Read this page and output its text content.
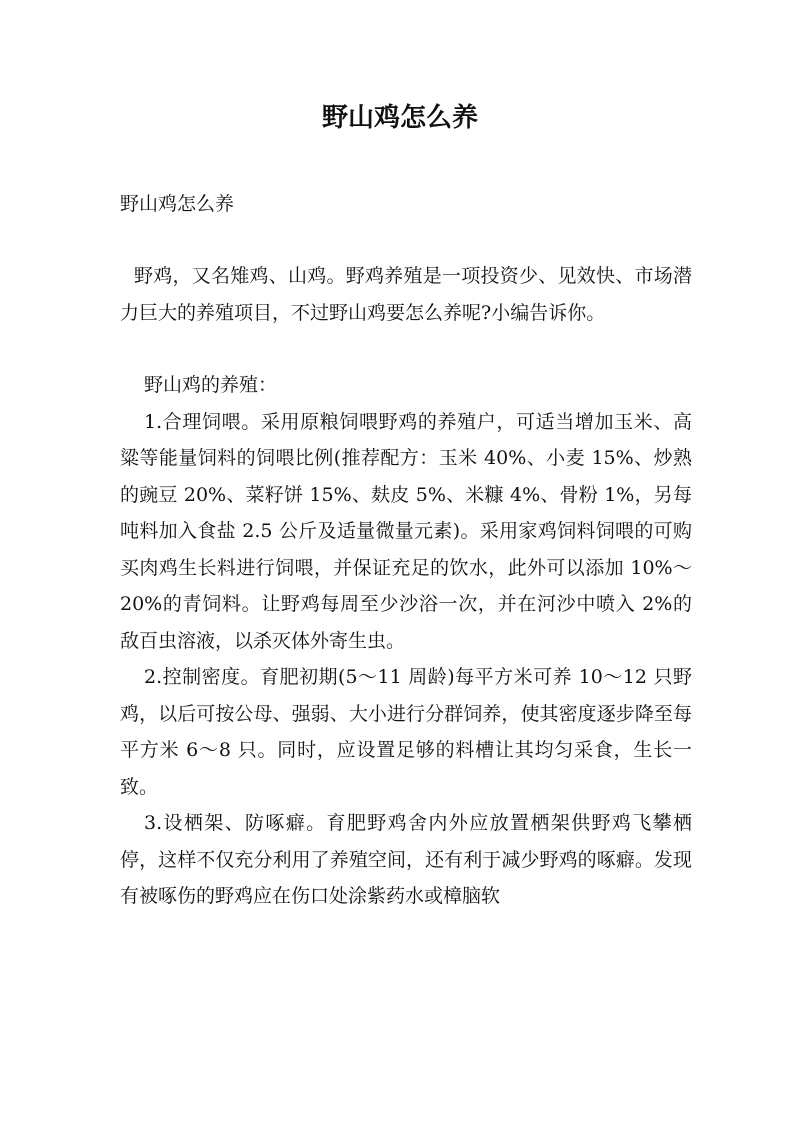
野山鸡怎么养

野山鸡怎么养

野鸡，又名雉鸡、山鸡。野鸡养殖是一项投资少、见效快、市场潜力巨大的养殖项目，不过野山鸡要怎么养呢?小编告诉你。

野山鸡的养殖：

1.合理饲喂。采用原粮饲喂野鸡的养殖户，可适当增加玉米、高粱等能量饲料的饲喂比例(推荐配方：玉米 40%、小麦 15%、炒熟的豌豆 20%、菜籽饼 15%、麸皮 5%、米糠 4%、骨粉 1%，另每吨料加入食盐 2.5 公斤及适量微量元素)。采用家鸡饲料饲喂的可购买肉鸡生长料进行饲喂，并保证充足的饮水，此外可以添加 10%～20%的青饲料。让野鸡每周至少沙浴一次，并在河沙中喷入 2%的敌百虫溶液，以杀灭体外寄生虫。

2.控制密度。育肥初期(5～11 周龄)每平方米可养 10～12 只野鸡，以后可按公母、强弱、大小进行分群饲养，使其密度逐步降至每平方米 6～8 只。同时，应设置足够的料槽让其均匀采食，生长一致。

3.设栖架、防啄癖。育肥野鸡舍内外应放置栖架供野鸡飞攀栖停，这样不仅充分利用了养殖空间，还有利于减少野鸡的啄癖。发现有被啄伤的野鸡应在伤口处涂紫药水或樟脑软
